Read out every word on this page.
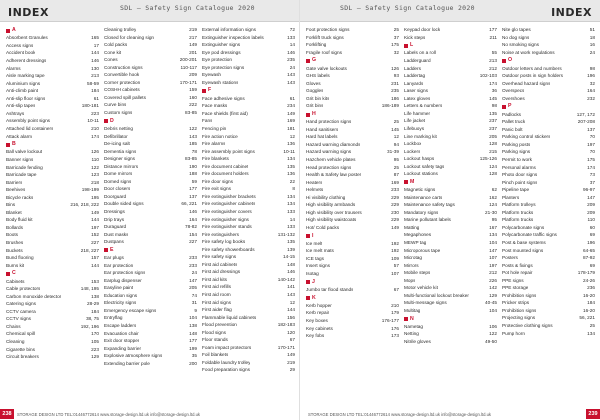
INDEX	SDL – Safety Sign Catalogue 2020
A
Absorbent Granules	165
Access signs	17
Accident book	144
Adherent dressings	146
Alarms	130
Aisle marking tape	213
Aluminium signs	58-59
Anti-climb paint	184
Anti-slip floor signs	61
Anti-slip tapes	180-181
Ashtrays	223
Assembly point signs	10-11
Attached lid containers	210
Attack alarm	174
B
Ball valve lockout	126
Banner signs	110
Barricade fending	122
Barricade tape	123
Barriers	218
Beehives	198-199
Bicycle racks	195
Bins	216, 218, 222
Blanket	149
Body fluid kit	144
Bollards	197
Boots	152
Brushes	227
Buckets	218, 227
Bund flooring	157
Burns kit	144
C
Cabinets	153
Cable protectors	148, 195
Carbon monoxide detector	138
Catering signs	28-29
CCTV camera	184
CCTV signs	38, 75
Chains	192, 196
Chemical spill	170
Cleaning	105
Cigarette bins	223
Circuit breakers	129
Cleaning trolley	219
Closed for cleaning sign	217
Cold packs	149
Cone kit	201
Cones	200-201
Construction signs	110-117
Convertible hook	209
Corner protection	170-171
COSHH cabinets	159
Covered spill pallets	160
Curve bins	222
Custom signs	83-85
D
Debris netting	122
Defibrillator	143
De-icing salt	185
Dementia signs	78
Designer signs	83-85
Distance mirrors	190
Dome mirrors	188
Domed signs	59
Door closers	177
Doorguard	137
Double sided signs	66, 221
Dressings	146
Drip trays	164
Duraguard	78-82
Dust masks	154
Dustpans	227
E
Ear plugs	233
Ear protection	233
Ear protection signs	24
Earplug dispenser	147
Easyline paint	205
Education signs	74
Electricity signs	31
Emergency escape signs	9
Entryflag	104
Escape ladders	138
Evacuation chair	148
Exit door stopper	177
Expanding barrier	199
Explosive atmosphere signs	35
Extending barrier pole	200
External information signs	72
Extinguisher inspection labels	133
Extinguisher signs	14
Eye pod dressings	146
Eye protection	235
Eye protection signs	24
Eyewash	143
Eyewash stations	143
F
Face adhesive signs	61
Face masks	234
Face shields (first aid)	149
Fans	169
Fencing pin	181
Fire action notice	12
Fire alarms	136
Fire assembly point signs	10-11
Fire blankets	134
Fire document cabinet	135
Fire document holders	136
Fire door signs	22
Fire exit signs	8
Fire extinguisher brackets	134
Fire extinguisher cabinets	134
Fire extinguisher covers	133
Fire extinguisher signs	14
Fire extinguisher stands	133
Fire extinguishers	131-132
Fire safety log books	135
Fire safety showerboards	139
Fire safety signs	14-15
First aid cabinets	148
First aid dressings	146
First aid kits	140-142
First aid refills	141
First aid room	143
First aid signs	12
First aider flag	144
Flammable liquid cabinets	156
Flood prevention	182-183
Flood signs	120
Floor stands	67
Foam impact protectors	170-171
Foil blankets	149
Foldable laundry trolley	219
Food preparation signs	29
238	STORAGE DESIGN LTD TEL:01446772614 www.storage-design.ltd.uk info@storage-design.ltd.uk
SDL – Safety Sign Catalogue 2020	INDEX
Foot protection signs	25
Forklift truck signs	37
Forklifting	175
Fragile roof signs	32
G
Gate valve lockouts	126
GHS labels	93
Gloves	231
Goggles	235
Grit bin kits	186
Grit bins	186-189
H
Hand protection signs	25
Hand sanitisers	145
Hard hat labels	12
Hazard warning diamonds	94
Hazard warning signs	31-39
Hazchem vehicle plates	95
Head protection signs	25
Health & Safety law poster	87
Heaters	169
Helmets	233
Hi visibility clothing	229
High visibility armbands	229
High visibility over trousers	230
High visibility waistcoats	229
Hot/ Cold packs	149
I
Ice melt	192
Ice melt mats	192
ICE tags	109
Insert signs	57
Isotag	107
J
Jumbo tar flood stands	67
K
Kerb hopper	210
Kerb repair	179
Key boxes	176-177
Key cabinets	176
Key fobs	173
Keypad door lock	177
Kick steps	211
L
Labels on a roll	55
Ladderguard	213
Ladders	212
Laddertag	102-103
Lanyards	174
Laser signs	36
Latex gloves	145
Letters & numbers	98
Life hammer	135
Life jacket	237
Lifebuoys	237
Line marking kit	205
Lockbox	128
Lockers	215
Lockout hasps	125-126
Lockout safety tags	124
Lockout stations	128
M
Magnetic signs	62
Maintenance carts	162
Maintenance safety tags	124
Mandatory signs	21-30
Marine pollutant labels	95
Matting	167
Megaphones	134
MEWP tag	104
Microporous tape	147
Microtag	107
Mirrors	197
Mobile steps	212
Mops	226
Motor vehicle kit	142
Multi-functional lockout breaker	129
Multi-message signs	40-45
Multitag	104
N
Nametag	106
Netting	122
Nitrile gloves	49-50
Nite glo tapes	51
No dog signs	18
No smoking signs	16
Noise at work regulations	24
O
Outdoor letters and numbers	98
Outdoor posts in sign holders	196
Overhead hazard signs	32
Overspecs	164
Overshoes	232
P
Padlocks	127, 172
Pallet truck	207-208
Panic bolt	137
Parking control stickers	70
Parking posts	197
Parking signs	70
Permit to work	175
Personal alarms	174
Photo door signs	73
Pinch point signs	37
Pipeline tape	96-97
Planters	147
Platform trolleys	209
Platform trucks	209
Platform trucks	110
Polycarbonate signs	60
Polycarbonate traffic signs	69
Post & base systems	196
Post mounted signs	64-65
Posters	87-92
Posts & fixings	69
Pot hole repair	178-179
PPE signs	24-26
PPE storage	236
Prohibition signs	16-20
Pricker strips	184
Prohibition signs	16-20
Projecting signs	56, 221
Protective clothing signs	25
Pump horn	134
STORAGE DESIGN LTD TEL:01446772614 www.storage-design.ltd.uk info@storage-design.ltd.uk	239
